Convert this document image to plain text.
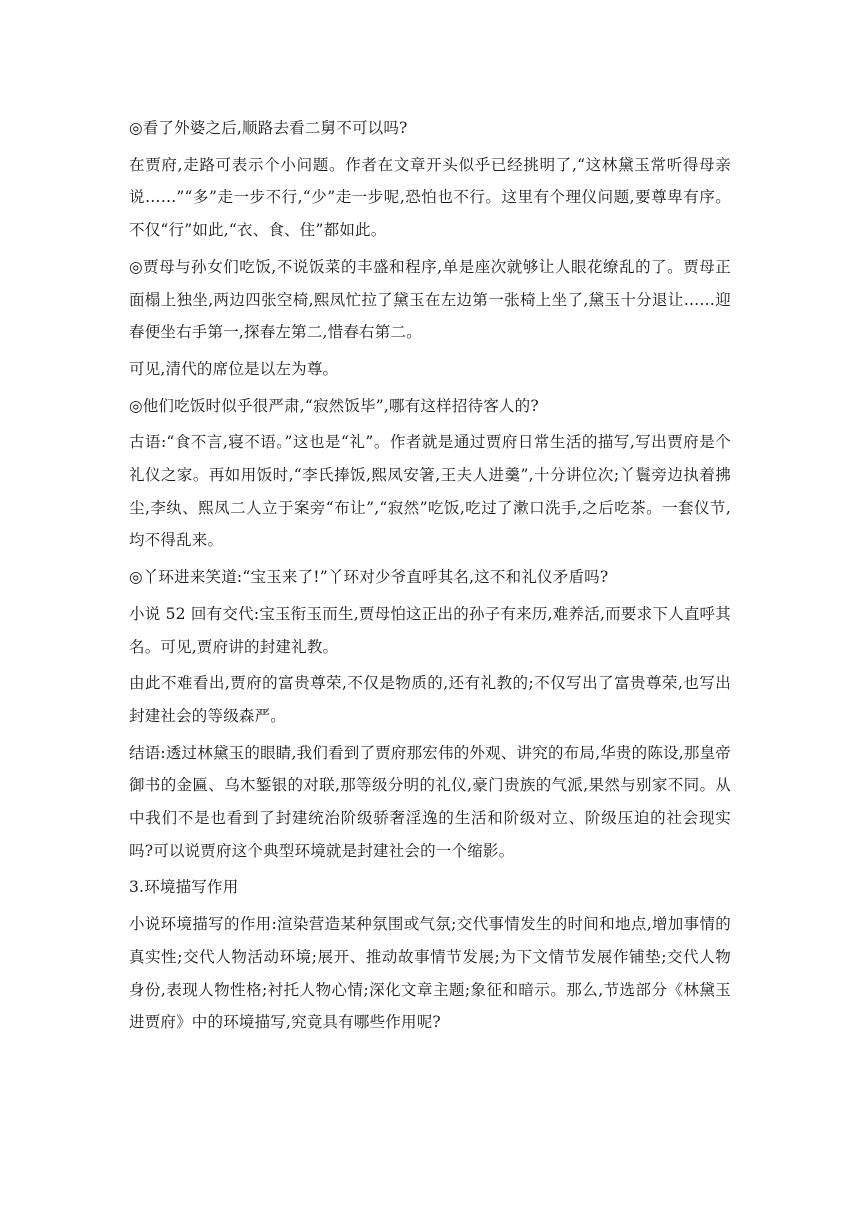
◎看了外婆之后,顺路去看二舅不可以吗?

在贾府,走路可表示个小问题。作者在文章开头似乎已经挑明了,“这林黛玉常听得母亲说……”“多”走一步不行,“少”走一步呢,恐怕也不行。这里有个理仪问题,要尊卑有序。不仅“行”如此,“衣、食、住”都如此。

◎贾母与孙女们吃饭,不说饭菜的丰盛和程序,单是座次就够让人眼花缭乱的了。贾母正面榻上独坐,两边四张空椅,熙凤忙拉了黛玉在左边第一张椅上坐了,黛玉十分退让……迎春便坐右手第一,探春左第二,惜春右第二。

可见,清代的席位是以左为尊。

◎他们吃饭时似乎很严肃,“寂然饭毕”,哪有这样招待客人的?

古语:“食不言,寝不语。”这也是“礼”。作者就是通过贾府日常生活的描写,写出贾府是个礼仪之家。再如用饭时,“李氏捧饭,熙凤安箸,王夫人进羹”,十分讲位次;丫鬟旁边执着拂尘,李纨、熙凤二人立于案旁“布让”,“寂然”吃饭,吃过了漱口洗手,之后吃茶。一套仪节,均不得乱来。

◎丫环进来笑道:“宝玉来了!”丫环对少爷直呼其名,这不和礼仪矛盾吗?

小说 52 回有交代:宝玉衔玉而生,贾母怕这正出的孙子有来历,难养活,而要求下人直呼其名。可见,贾府讲的封建礼教。

由此不难看出,贾府的富贵尊荣,不仅是物质的,还有礼教的;不仅写出了富贵尊荣,也写出封建社会的等级森严。

结语:透过林黛玉的眼睛,我们看到了贾府那宏伟的外观、讲究的布局,华贵的陈设,那皇帝御书的金匾、乌木錾银的对联,那等级分明的礼仪,豪门贵族的气派,果然与别家不同。从中我们不是也看到了封建统治阶级骄奢淫逸的生活和阶级对立、阶级压迫的社会现实吗?可以说贾府这个典型环境就是封建社会的一个缩影。

3.环境描写作用

小说环境描写的作用:渲染营造某种氛围或气氛;交代事情发生的时间和地点,增加事情的真实性;交代人物活动环境;展开、推动故事情节发展;为下文情节发展作铺垫;交代人物身份,表现人物性格;衬托人物心情;深化文章主题;象征和暗示。那么,节选部分《林黛玉进贾府》中的环境描写,究竟具有哪些作用呢?
